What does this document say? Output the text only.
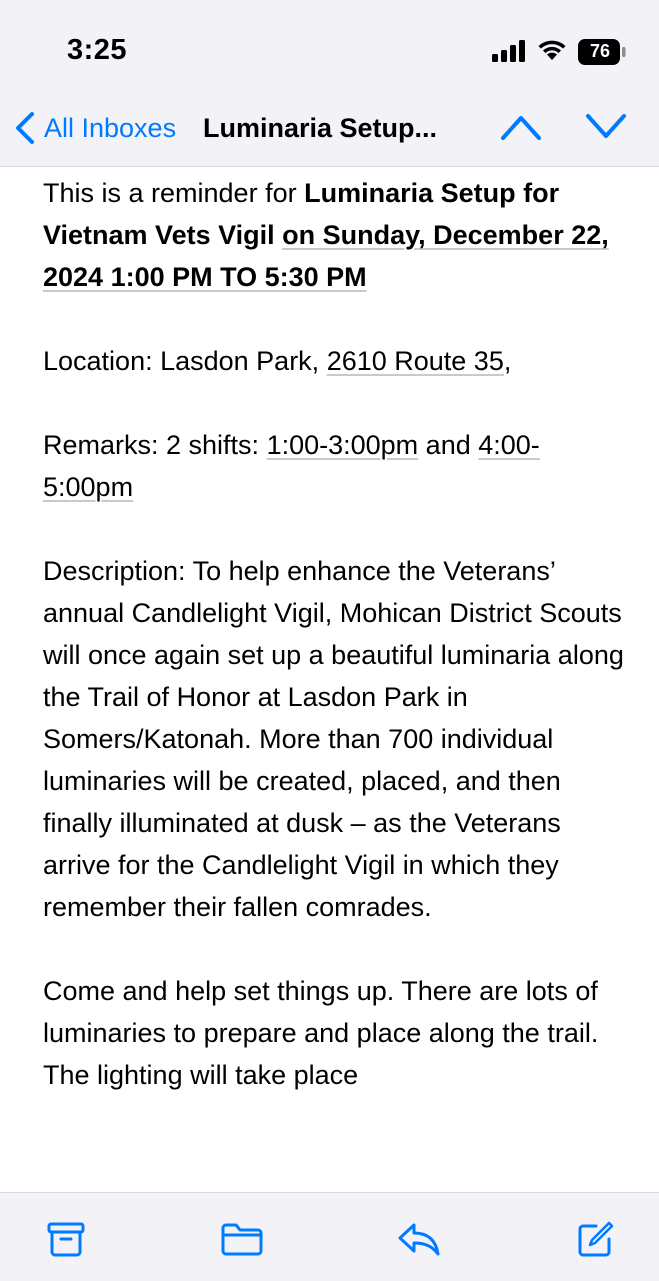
3:25	76
All Inboxes Luminaria Setup...

This is a reminder for Luminaria Setup for Vietnam Vets Vigil on Sunday, December 22, 2024 1:00 PM TO 5:30 PM

Location: Lasdon Park, 2610 Route 35,

Remarks: 2 shifts: 1:00-3:00pm and 4:00-5:00pm

Description: To help enhance the Veterans’ annual Candlelight Vigil, Mohican District Scouts will once again set up a beautiful luminaria along the Trail of Honor at Lasdon Park in Somers/Katonah. More than 700 individual luminaries will be created, placed, and then finally illuminated at dusk – as the Veterans arrive for the Candlelight Vigil in which they remember their fallen comrades.

Come and help set things up. There are lots of luminaries to prepare and place along the trail. The lighting will take place
